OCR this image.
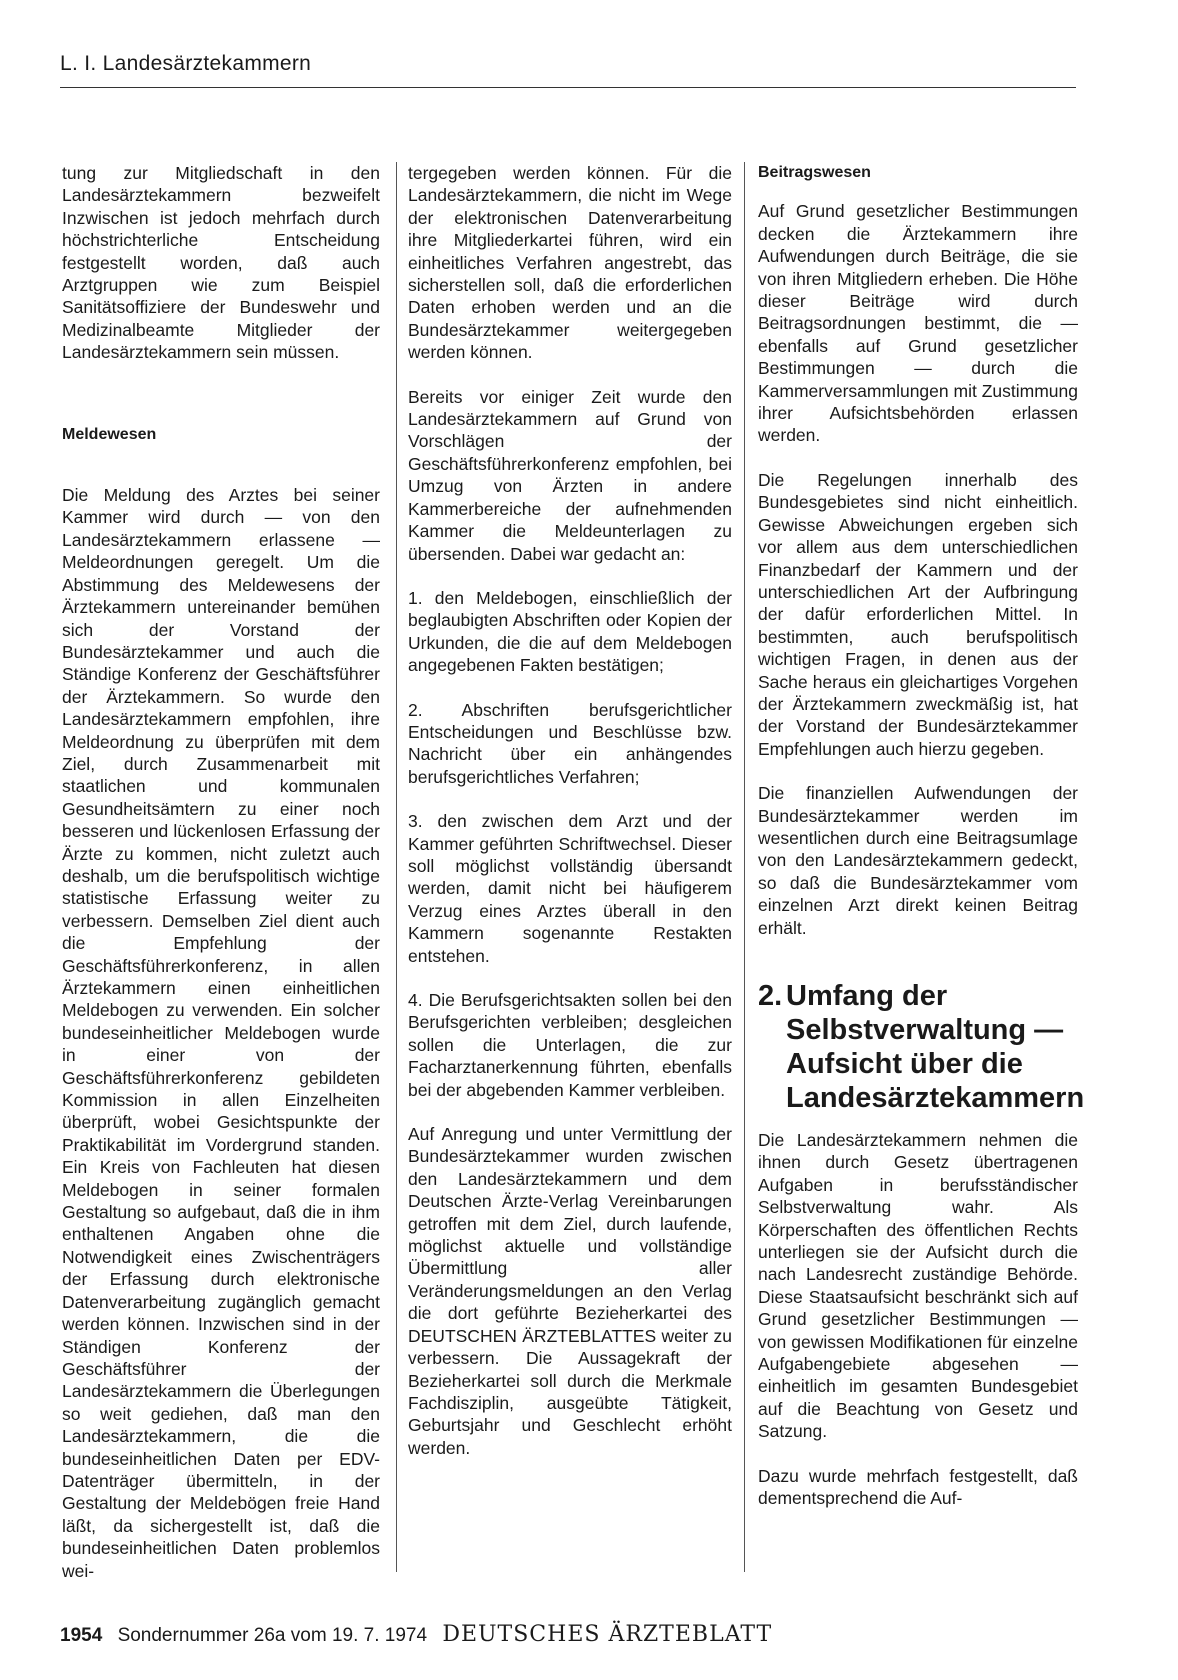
L. I. Landesärztekammern

tung zur Mitgliedschaft in den Landesärztekammern bezweifelt Inzwischen ist jedoch mehrfach durch höchstrichterliche Entscheidung festgestellt worden, daß auch Arztgruppen wie zum Beispiel Sanitätsoffiziere der Bundeswehr und Medizinalbeamte Mitglieder der Landesärztekammern sein müssen.

Meldewesen

Die Meldung des Arztes bei seiner Kammer wird durch — von den Landesärztekammern erlassene — Meldeordnungen geregelt. Um die Abstimmung des Meldewesens der Ärztekammern untereinander bemühen sich der Vorstand der Bundesärztekammer und auch die Ständige Konferenz der Geschäftsführer der Ärztekammern. So wurde den Landesärztekammern empfohlen, ihre Meldeordnung zu überprüfen mit dem Ziel, durch Zusammenarbeit mit staatlichen und kommunalen Gesundheitsämtern zu einer noch besseren und lückenlosen Erfassung der Ärzte zu kommen, nicht zuletzt auch deshalb, um die berufspolitisch wichtige statistische Erfassung weiter zu verbessern. Demselben Ziel dient auch die Empfehlung der Geschäftsführerkonferenz, in allen Ärztekammern einen einheitlichen Meldebogen zu verwenden. Ein solcher bundeseinheitlicher Meldebogen wurde in einer von der Geschäftsführerkonferenz gebildeten Kommission in allen Einzelheiten überprüft, wobei Gesichtspunkte der Praktikabilität im Vordergrund standen. Ein Kreis von Fachleuten hat diesen Meldebogen in seiner formalen Gestaltung so aufgebaut, daß die in ihm enthaltenen Angaben ohne die Notwendigkeit eines Zwischenträgers der Erfassung durch elektronische Datenverarbeitung zugänglich gemacht werden können. Inzwischen sind in der Ständigen Konferenz der Geschäftsführer der Landesärztekammern die Überlegungen so weit gediehen, daß man den Landesärztekammern, die die bundeseinheitlichen Daten per EDV-Datenträger übermitteln, in der Gestaltung der Meldebögen freie Hand läßt, da sichergestellt ist, daß die bundeseinheitlichen Daten problemlos wei-

tergegeben werden können. Für die Landesärztekammern, die nicht im Wege der elektronischen Datenverarbeitung ihre Mitgliederkartei führen, wird ein einheitliches Verfahren angestrebt, das sicherstellen soll, daß die erforderlichen Daten erhoben werden und an die Bundesärztekammer weitergegeben werden können.

Bereits vor einiger Zeit wurde den Landesärztekammern auf Grund von Vorschlägen der Geschäftsführerkonferenz empfohlen, bei Umzug von Ärzten in andere Kammerbereiche der aufnehmenden Kammer die Meldeunterlagen zu übersenden. Dabei war gedacht an:

1. den Meldebogen, einschließlich der beglaubigten Abschriften oder Kopien der Urkunden, die die auf dem Meldebogen angegebenen Fakten bestätigen;

2. Abschriften berufsgerichtlicher Entscheidungen und Beschlüsse bzw. Nachricht über ein anhängendes berufsgerichtliches Verfahren;

3. den zwischen dem Arzt und der Kammer geführten Schriftwechsel. Dieser soll möglichst vollständig übersandt werden, damit nicht bei häufigerem Verzug eines Arztes überall in den Kammern sogenannte Restakten entstehen.

4. Die Berufsgerichtsakten sollen bei den Berufsgerichten verbleiben; desgleichen sollen die Unterlagen, die zur Facharztanerkennung führten, ebenfalls bei der abgebenden Kammer verbleiben.

Auf Anregung und unter Vermittlung der Bundesärztekammer wurden zwischen den Landesärztekammern und dem Deutschen Ärzte-Verlag Vereinbarungen getroffen mit dem Ziel, durch laufende, möglichst aktuelle und vollständige Übermittlung aller Veränderungsmeldungen an den Verlag die dort geführte Bezieherkartei des DEUTSCHEN ÄRZTEBLATTES weiter zu verbessern. Die Aussagekraft der Bezieherkartei soll durch die Merkmale Fachdisziplin, ausgeübte Tätigkeit, Geburtsjahr und Geschlecht erhöht werden.

Beitragswesen

Auf Grund gesetzlicher Bestimmungen decken die Ärztekammern ihre Aufwendungen durch Beiträge, die sie von ihren Mitgliedern erheben. Die Höhe dieser Beiträge wird durch Beitragsordnungen bestimmt, die — ebenfalls auf Grund gesetzlicher Bestimmungen — durch die Kammerversammlungen mit Zustimmung ihrer Aufsichtsbehörden erlassen werden.

Die Regelungen innerhalb des Bundesgebietes sind nicht einheitlich. Gewisse Abweichungen ergeben sich vor allem aus dem unterschiedlichen Finanzbedarf der Kammern und der unterschiedlichen Art der Aufbringung der dafür erforderlichen Mittel. In bestimmten, auch berufspolitisch wichtigen Fragen, in denen aus der Sache heraus ein gleichartiges Vorgehen der Ärztekammern zweckmäßig ist, hat der Vorstand der Bundesärztekammer Empfehlungen auch hierzu gegeben.

Die finanziellen Aufwendungen der Bundesärztekammer werden im wesentlichen durch eine Beitragsumlage von den Landesärztekammern gedeckt, so daß die Bundesärztekammer vom einzelnen Arzt direkt keinen Beitrag erhält.

2. Umfang der
Selbstverwaltung —
Aufsicht über die
Landesärztekammern

Die Landesärztekammern nehmen die ihnen durch Gesetz übertragenen Aufgaben in berufsständischer Selbstverwaltung wahr. Als Körperschaften des öffentlichen Rechts unterliegen sie der Aufsicht durch die nach Landesrecht zuständige Behörde. Diese Staatsaufsicht beschränkt sich auf Grund gesetzlicher Bestimmungen — von gewissen Modifikationen für einzelne Aufgabengebiete abgesehen — einheitlich im gesamten Bundesgebiet auf die Beachtung von Gesetz und Satzung.

Dazu wurde mehrfach festgestellt, daß dementsprechend die Auf-

1954 Sondernummer 26a vom 19. 7. 1974 DEUTSCHES ÄRZTEBLATT
